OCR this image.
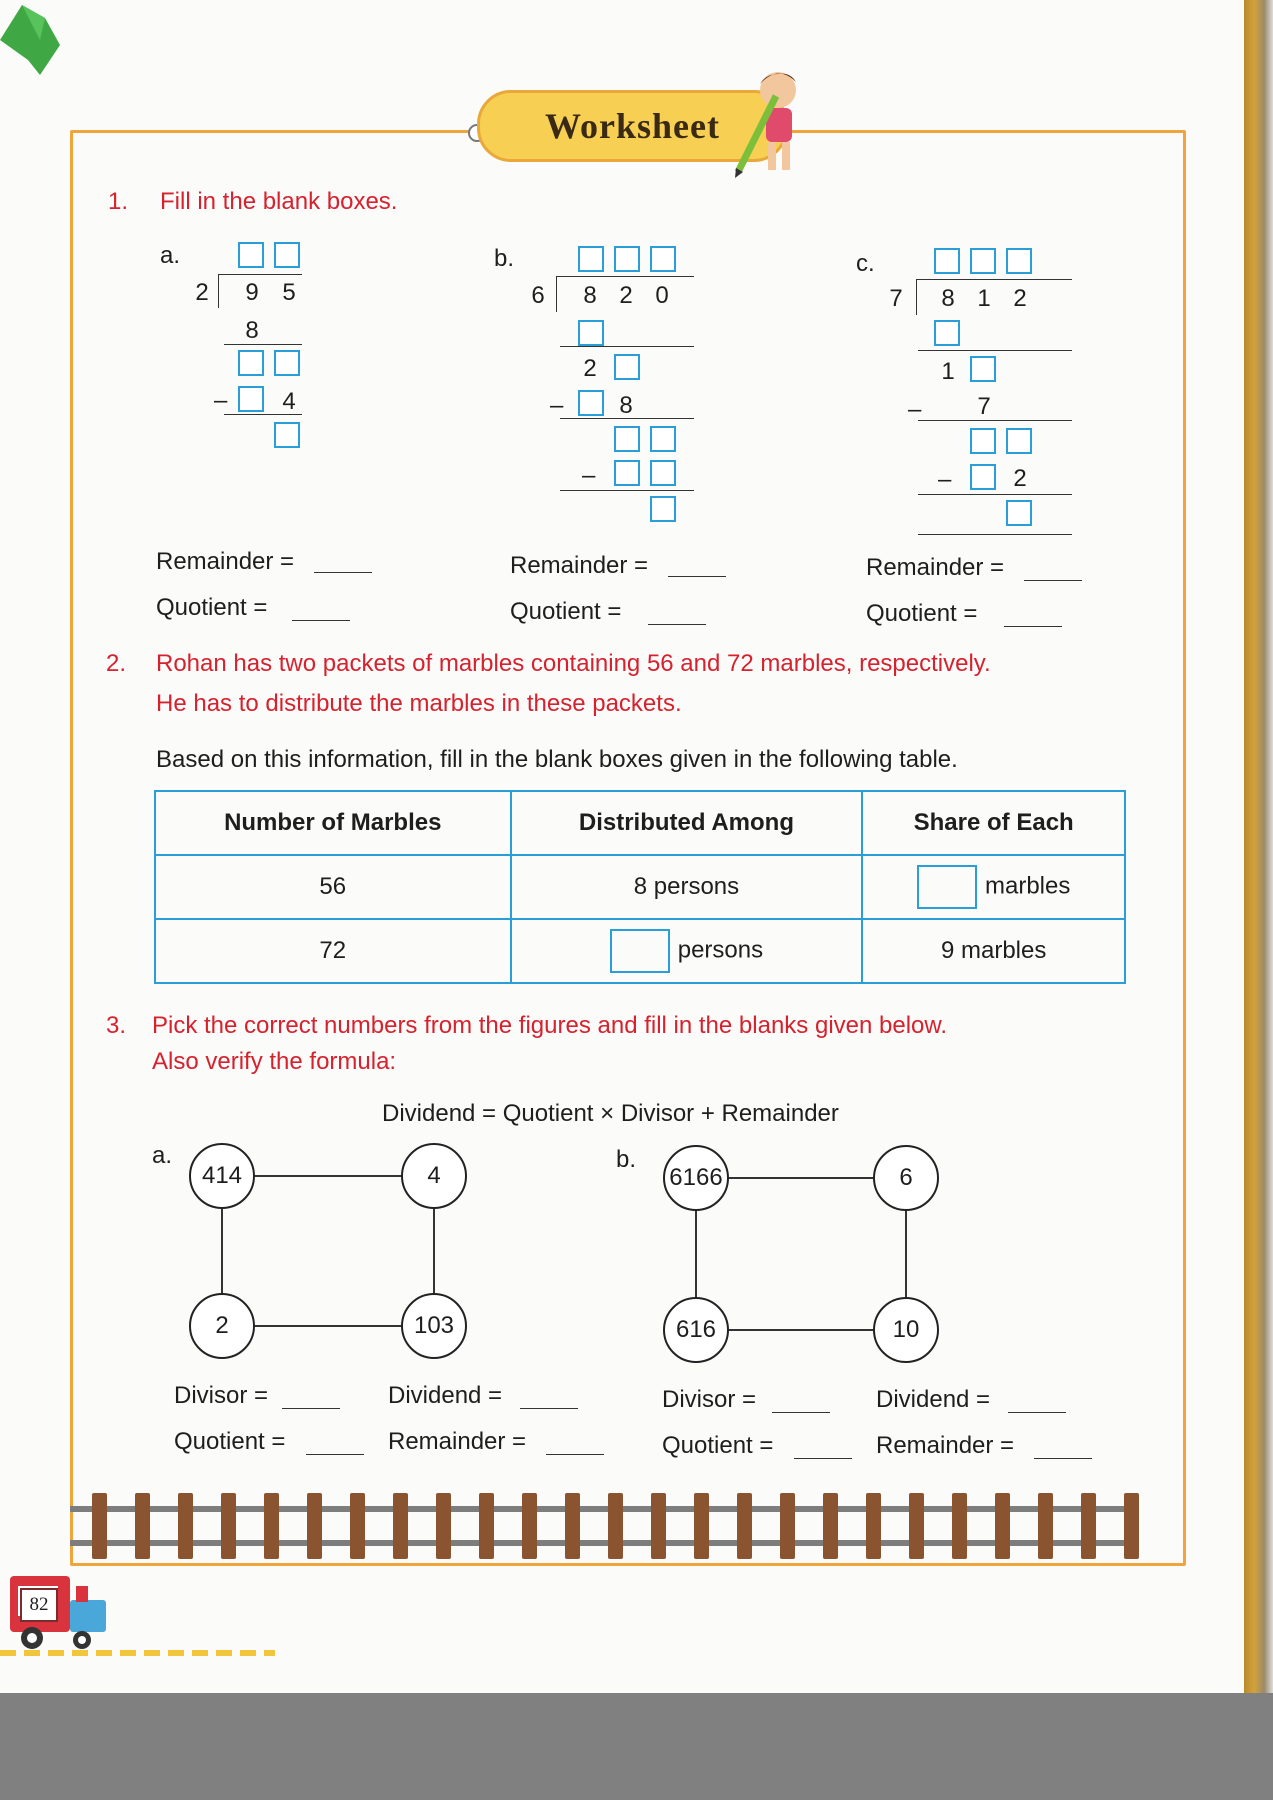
Worksheet
1. Fill in the blank boxes.
a.
2 9 5
8
– 4
Remainder =
Quotient =
b.
6 8 2 0
2
– 8
–
Remainder =
Quotient =
c.
7 8 1 2
1
– 7
–	2
Remainder =
Quotient =
2. Rohan has two packets of marbles containing 56 and 72 marbles, respectively.
He has to distribute the marbles in these packets.
Based on this information, fill in the blank boxes given in the following table.
Number of Marbles	Distributed Among	Share of Each
56	8 persons	marbles
72	persons	9 marbles
3. Pick the correct numbers from the figures and fill in the blanks given below.
Also verify the formula:
Dividend = Quotient × Divisor + Remainder
a.
414	4
2	103
b.
6166	6
616	10
Divisor =	Dividend =
Quotient =	Remainder =
Divisor =	Dividend =
Quotient =	Remainder =
82
